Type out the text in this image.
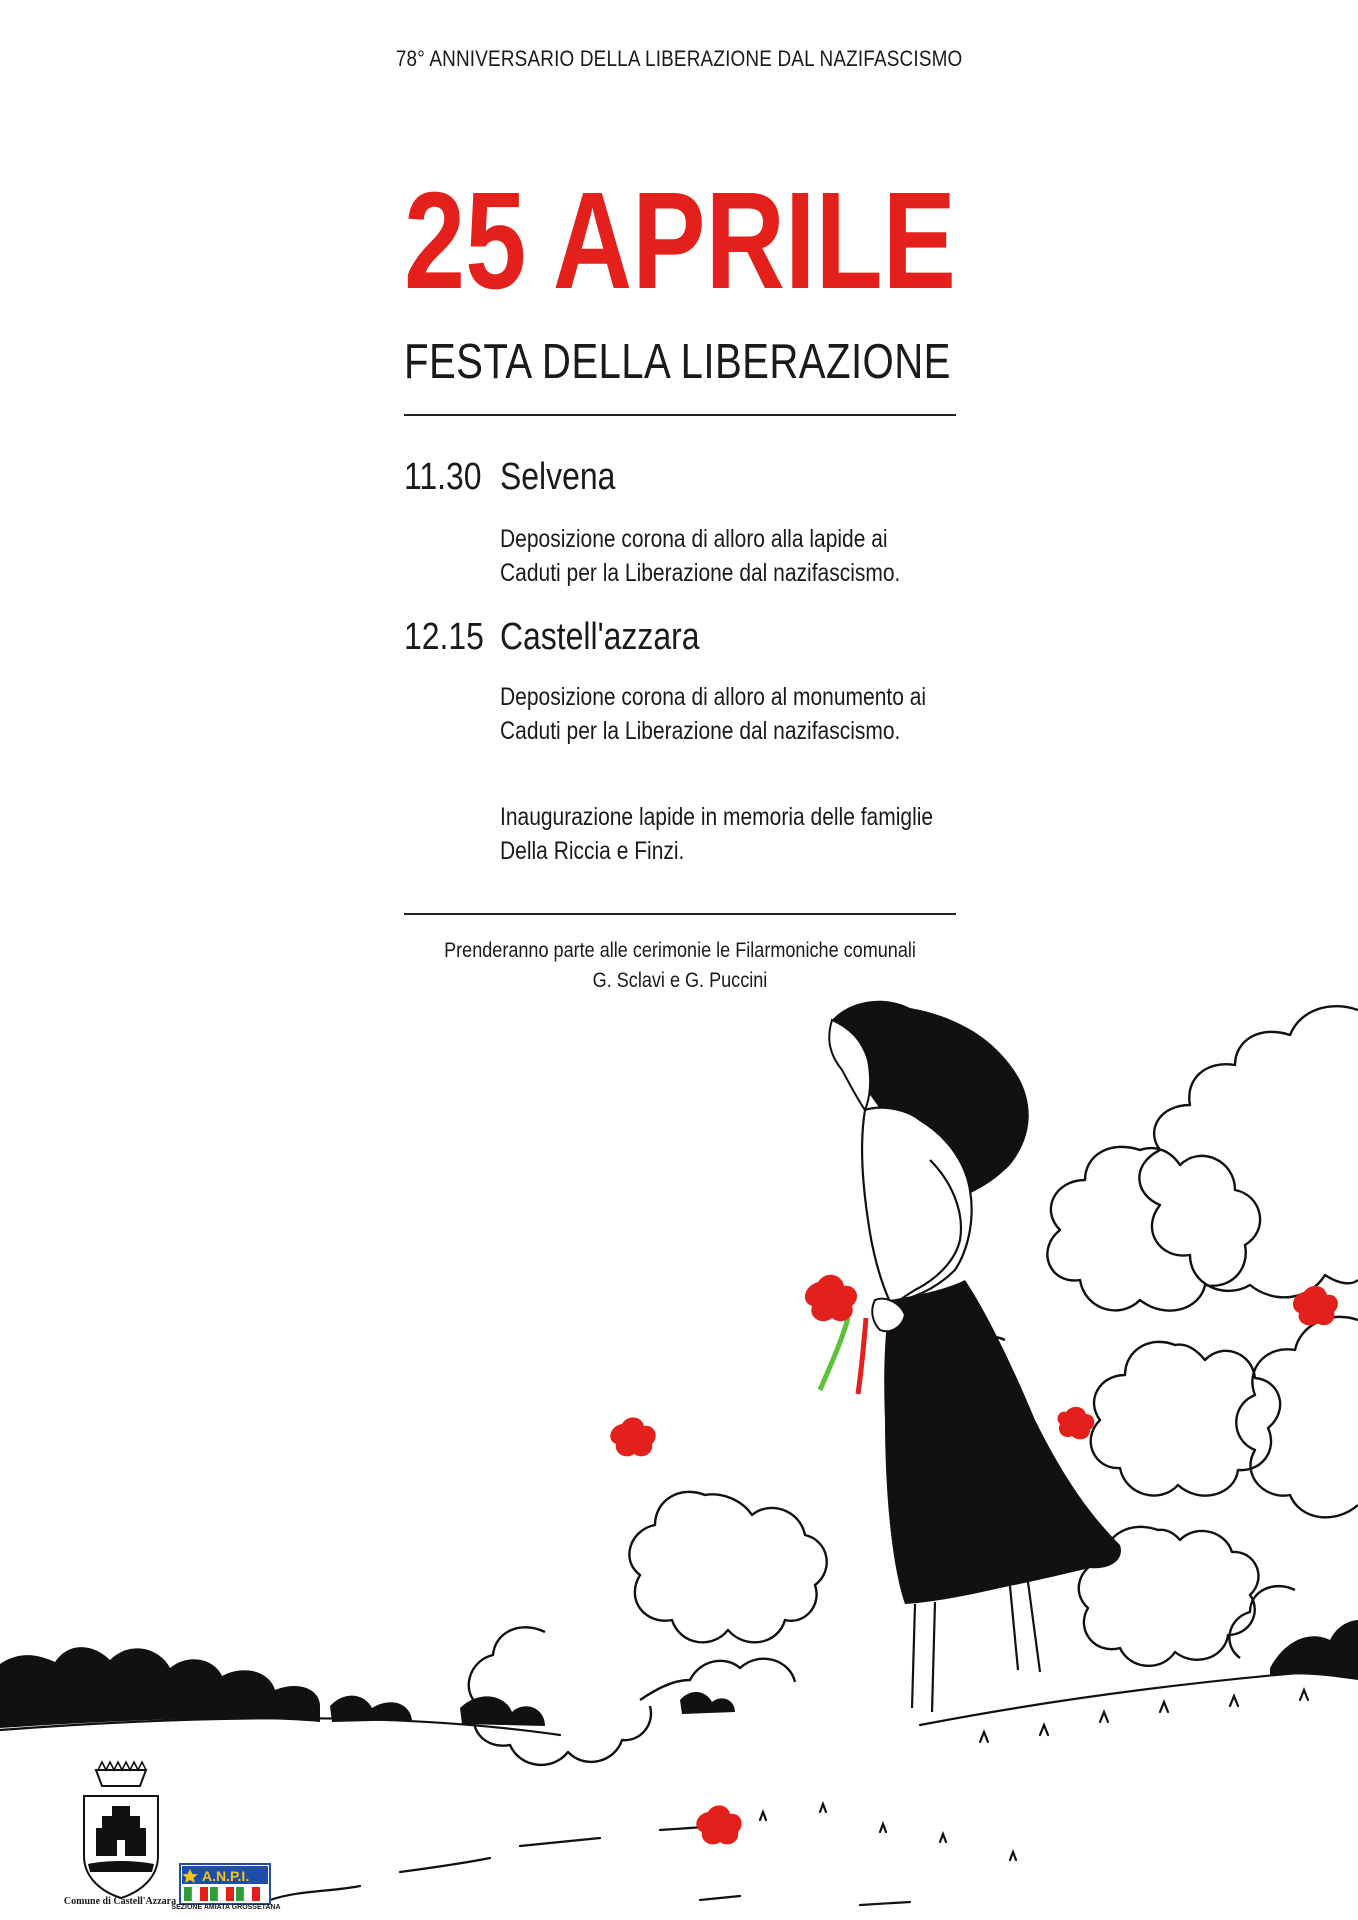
78° ANNIVERSARIO DELLA LIBERAZIONE DAL NAZIFASCISMO
25 APRILE
FESTA DELLA LIBERAZIONE
11.30 Selvena
Deposizione corona di alloro alla lapide ai Caduti per la Liberazione dal nazifascismo.
12.15 Castell'azzara
Deposizione corona di alloro al monumento ai Caduti per la Liberazione dal nazifascismo.
Inaugurazione lapide in memoria delle famiglie Della Riccia e Finzi.
Prenderanno parte alle cerimonie le Filarmoniche comunali
G. Sclavi e G. Puccini
Comune di Castell'Azzara
A.N.P.I.
SEZIONE AMIATA GROSSETANA
